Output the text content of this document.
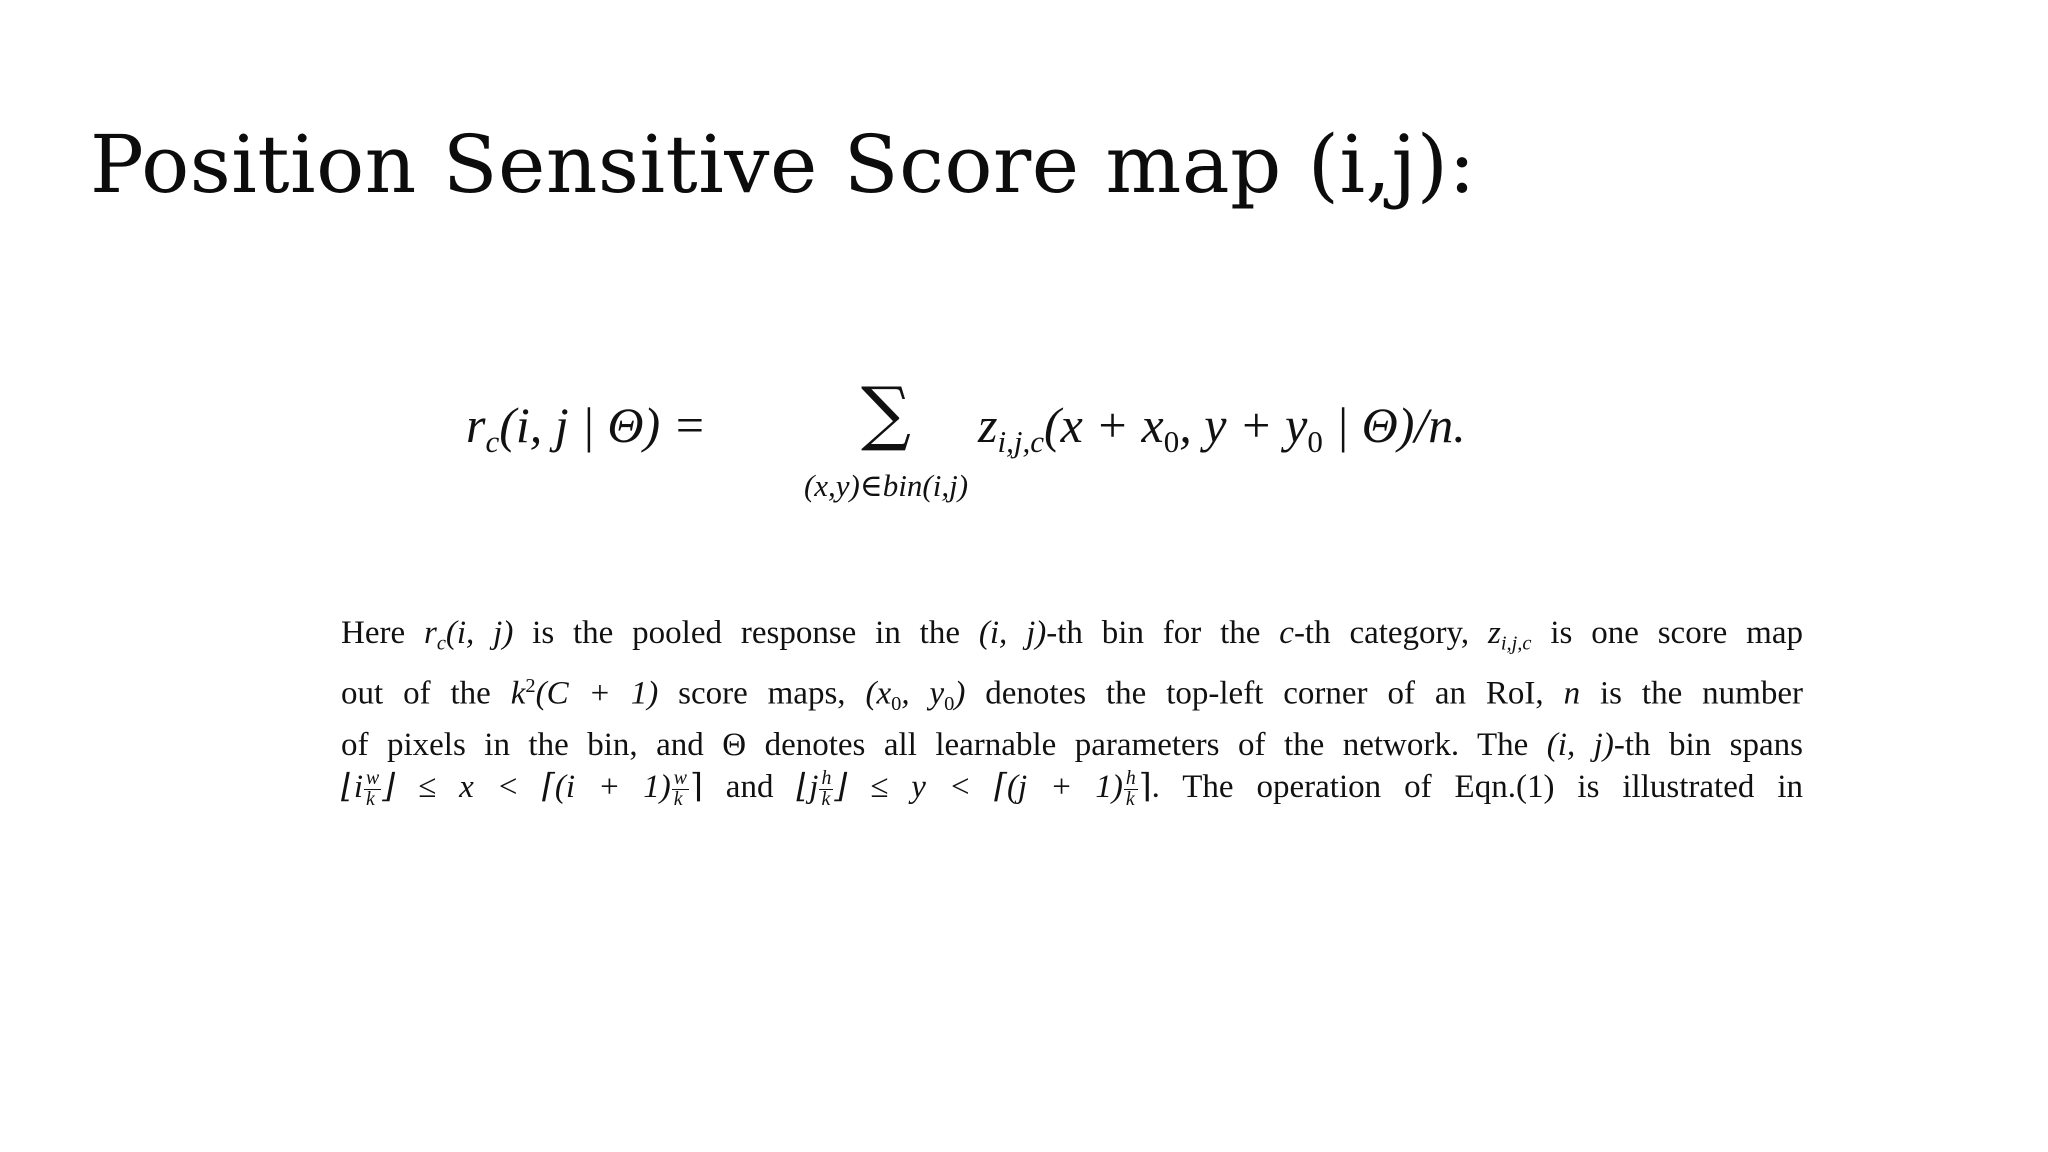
Position Sensitive Score map (i,j):
rc(i, j | Θ) =	∑
(x,y)∈bin(i,j)
zi,j,c(x + x0, y + y0 | Θ)/n.
Here rc(i, j) is the pooled response in the (i, j)-th bin for the c-th category, zi,j,c is one score map
out of the $k^2(C + 1)$ score maps, (x0, y0) denotes the top-left corner of an RoI, n is the number
of pixels in the bin, and Θ denotes all learnable parameters of the network. The (i, j)-th bin spans
⌊i $\frac{w}{k}$ ⌋ ≤ x < ⌈(i + $1) \frac{w}{k}$ ⌉ and ⌊j $\frac{h}{k}$ ⌋ ≤ y < ⌈(j + $1) \frac{h}{k}$ ⌉. The operation of Eqn.(1) is illustrated in
